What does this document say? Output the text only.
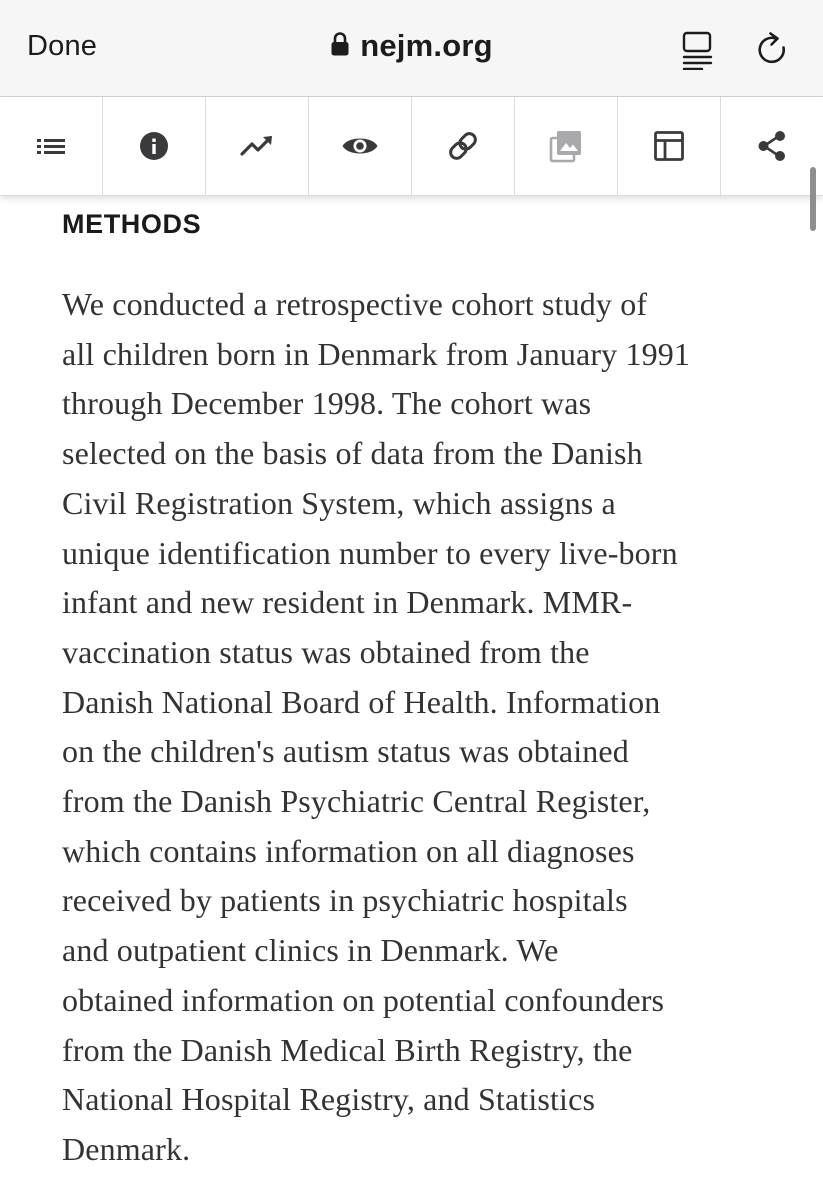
Done	nejm.org
METHODS

We conducted a retrospective cohort study of
all children born in Denmark from January 1991
through December 1998. The cohort was
selected on the basis of data from the Danish
Civil Registration System, which assigns a
unique identification number to every live-born
infant and new resident in Denmark. MMR-
vaccination status was obtained from the
Danish National Board of Health. Information
on the children's autism status was obtained
from the Danish Psychiatric Central Register,
which contains information on all diagnoses
received by patients in psychiatric hospitals
and outpatient clinics in Denmark. We
obtained information on potential confounders
from the Danish Medical Birth Registry, the
National Hospital Registry, and Statistics
Denmark.
